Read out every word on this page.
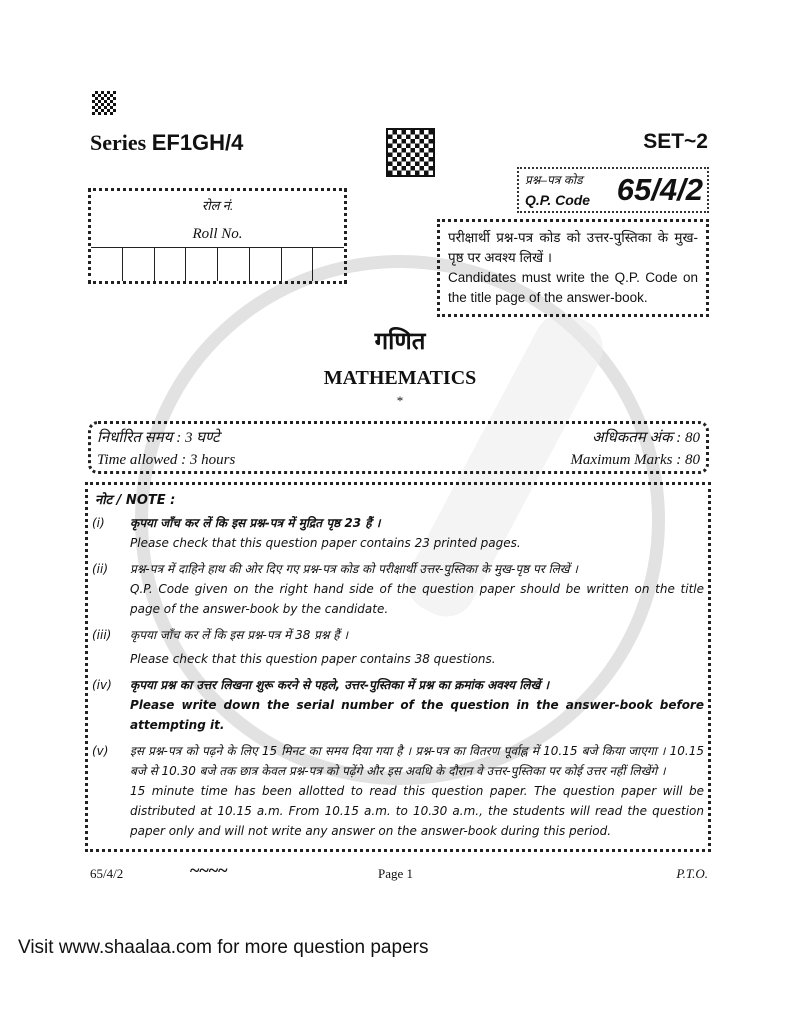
Series EF1GH/4	SET~2
प्रश्न–पत्र कोड
Q.P. Code 65/4/2
रोल नं.
Roll No.	परीक्षार्थी प्रश्न-पत्र कोड को उत्तर-पुस्तिका के मुख-पृष्ठ पर अवश्य लिखें ।
Candidates must write the Q.P. Code on the title page of the answer-book.
गणित
MATHEMATICS
*
निर्धारित समय : 3 घण्टे
Time allowed : 3 hours
अधिकतम अंक : 80
Maximum Marks : 80
नोट / NOTE :
(i)	कृपया जाँच कर लें कि इस प्रश्न-पत्र में मुद्रित पृष्ठ 23 हैं ।

Please check that this question paper contains 23 printed pages.

(ii)	प्रश्न-पत्र में दाहिने हाथ की ओर दिए गए प्रश्न-पत्र कोड को परीक्षार्थी उत्तर-पुस्तिका के मुख-पृष्ठ पर लिखें ।

Q.P. Code given on the right hand side of the question paper should be written on the title page of the answer-book by the candidate.

(iii)	कृपया जाँच कर लें कि इस प्रश्न-पत्र में 38 प्रश्न हैं ।

Please check that this question paper contains 38 questions.

(iv)	कृपया प्रश्न का उत्तर लिखना शुरू करने से पहले, उत्तर-पुस्तिका में प्रश्न का क्रमांक अवश्य लिखें ।

Please write down the serial number of the question in the answer-book before attempting it.

(v)	इस प्रश्न-पत्र को पढ़ने के लिए 15 मिनट का समय दिया गया है । प्रश्न-पत्र का वितरण पूर्वाह्न में 10.15 बजे किया जाएगा । 10.15 बजे से 10.30 बजे तक छात्र केवल प्रश्न-पत्र को पढ़ेंगे और इस अवधि के दौरान वे उत्तर-पुस्तिका पर कोई उत्तर नहीं लिखेंगे ।

15 minute time has been allotted to read this question paper. The question paper will be distributed at 10.15 a.m. From 10.15 a.m. to 10.30 a.m., the students will read the question paper only and will not write any answer on the answer-book during this period.

65/4/2	~~~~	Page 1	P.T.O.
Visit www.shaalaa.com for more question papers
